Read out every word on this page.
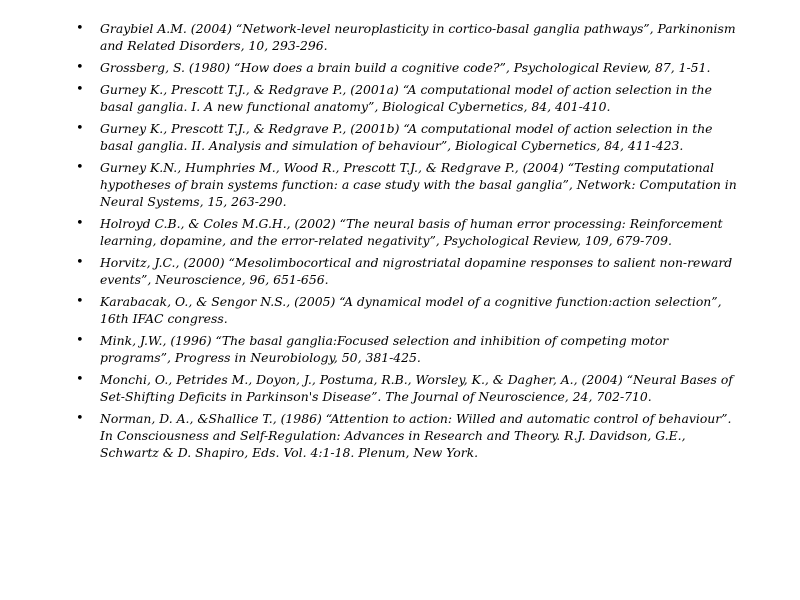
• Graybiel A.M. (2004) “Network-level neuroplasticity in cortico-basal ganglia pathways”, Parkinonism and Related Disorders, 10, 293-296.
• Grossberg, S. (1980) “How does a brain build a cognitive code?”, Psychological Review, 87, 1-51.
• Gurney K., Prescott T.J., & Redgrave P., (2001a) “A computational model of action selection in the basal ganglia. I. A new functional anatomy”, Biological Cybernetics, 84, 401-410.
• Gurney K., Prescott T.J., & Redgrave P., (2001b) “A computational model of action selection in the basal ganglia. II. Analysis and simulation of behaviour”, Biological Cybernetics, 84, 411-423.
• Gurney K.N., Humphries M., Wood R., Prescott T.J., & Redgrave P., (2004) “Testing computational hypotheses of brain systems function: a case study with the basal ganglia”, Network: Computation in Neural Systems, 15, 263-290.
• Holroyd C.B., & Coles M.G.H., (2002) “The neural basis of human error processing: Reinforcement learning, dopamine, and the error-related negativity”, Psychological Review, 109, 679-709.
• Horvitz, J.C., (2000) “Mesolimbocortical and nigrostriatal dopamine responses to salient non-reward events”, Neuroscience, 96, 651-656.
• Karabacak, O., & Sengor N.S., (2005) “A dynamical model of a cognitive function:action selection”, 16th IFAC congress.
• Mink, J.W., (1996) “The basal ganglia:Focused selection and inhibition of competing motor programs”, Progress in Neurobiology, 50, 381-425.
• Monchi, O., Petrides M., Doyon, J., Postuma, R.B., Worsley, K., & Dagher, A., (2004) “Neural Bases of Set-Shifting Deficits in Parkinson's Disease”. The Journal of Neuroscience, 24, 702-710.
• Norman, D. A., &Shallice T., (1986) “Attention to action: Willed and automatic control of behaviour”. In Consciousness and Self-Regulation: Advances in Research and Theory. R.J. Davidson, G.E., Schwartz & D. Shapiro, Eds. Vol. 4:1-18. Plenum, New York.
